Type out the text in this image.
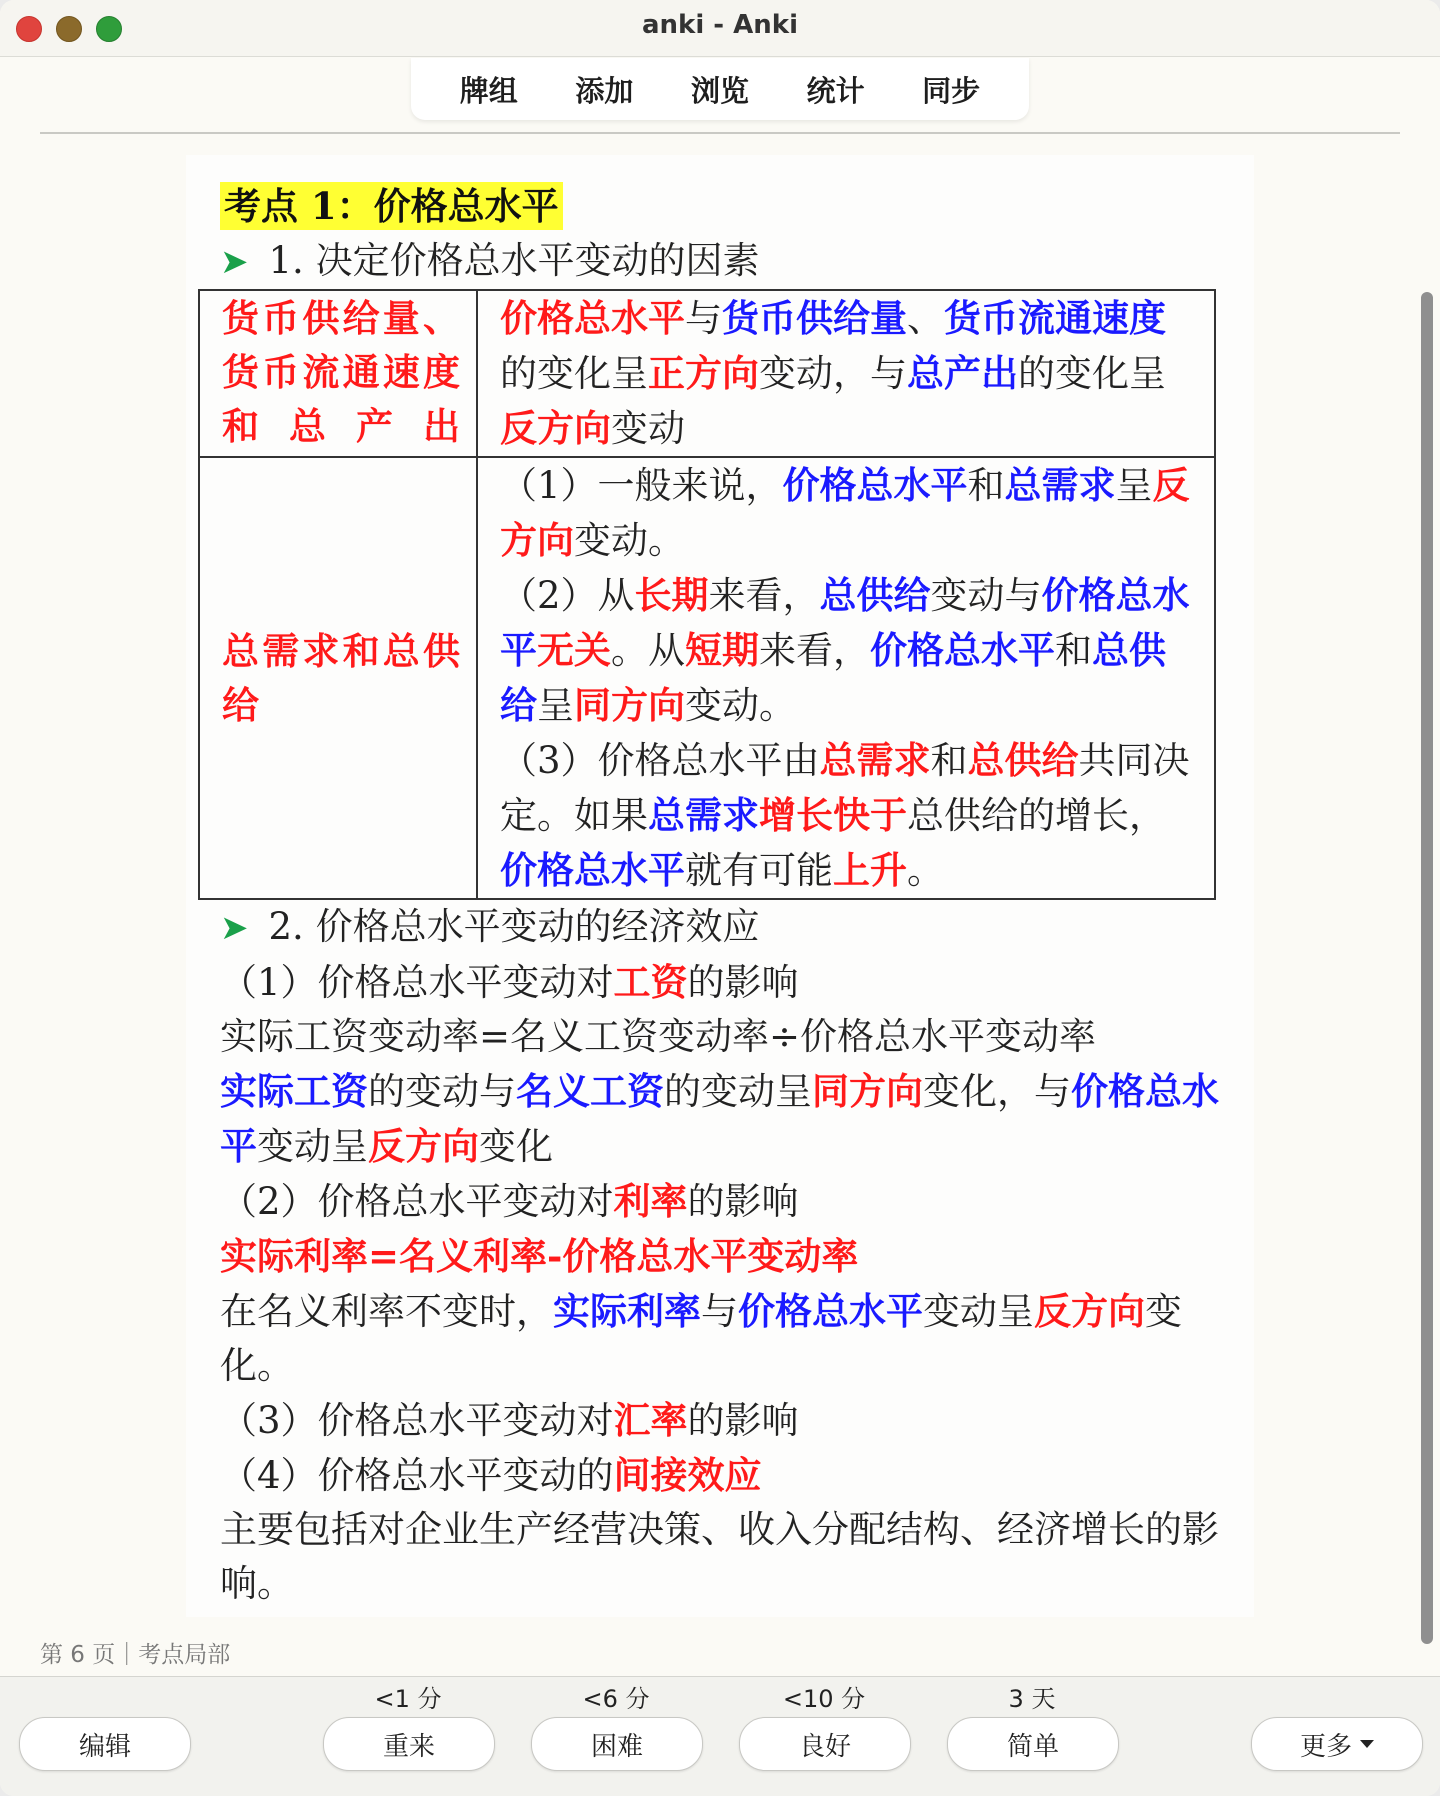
anki - Anki
牌组	添加	浏览	统计	同步
考点 1：价格总水平
➤ 1. 决定价格总水平变动的因素
货币供给量、货币流通速度和总产出	价格总水平与货币供给量、货币流通速度的变化呈正方向变动，与总产出的变化呈反方向变动
总需求和总供给	（1）一般来说，价格总水平和总需求呈反方向变动。
（2）从长期来看，总供给变动与价格总水平无关。从短期来看，价格总水平和总供给呈同方向变动。
（3）价格总水平由总需求和总供给共同决定。如果总需求增长快于总供给的增长，价格总水平就有可能上升。
➤ 2. 价格总水平变动的经济效应
（1）价格总水平变动对工资的影响
实际工资变动率=名义工资变动率÷价格总水平变动率
实际工资的变动与名义工资的变动呈同方向变化，与价格总水平变动呈反方向变化
（2）价格总水平变动对利率的影响
实际利率=名义利率-价格总水平变动率
在名义利率不变时，实际利率与价格总水平变动呈反方向变化。
（3）价格总水平变动对汇率的影响
（4）价格总水平变动的间接效应
主要包括对企业生产经营决策、收入分配结构、经济增长的影响。
第 6 页｜考点局部
编辑
<1 分
重来
<6 分
困难
<10 分
良好
3 天
简单	更多
